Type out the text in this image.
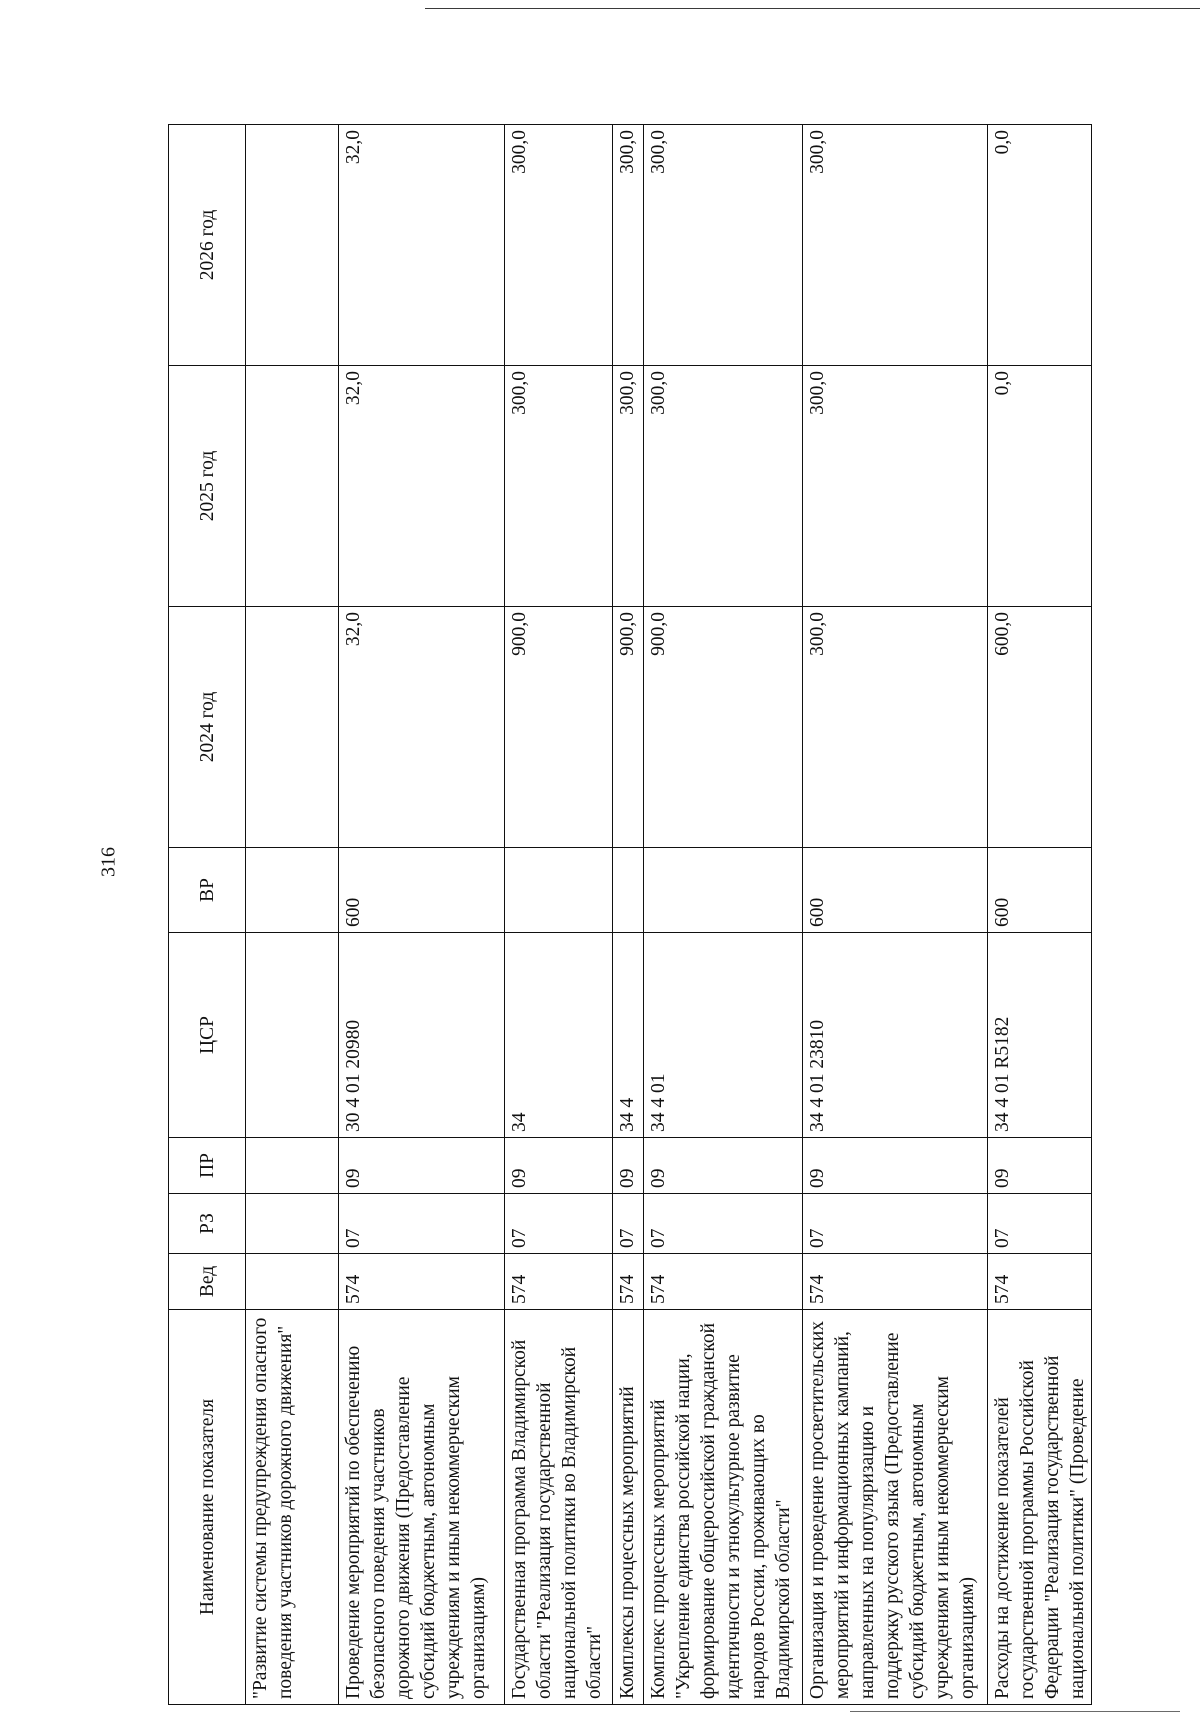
316
Наименование показателя	Вед	РЗ	ПР	ЦСР	ВР	2024 год	2025 год	2026 год
"Развитие системы предупреждения опасного поведения участников дорожного движения"								
Проведение мероприятий по обеспечению безопасного поведения участников дорожного движения (Предоставление субсидий бюджетным, автономным учреждениям и иным некоммерческим организациям)	574	07	09	30 4 01 20980	600	32,0	32,0	32,0
Государственная программа Владимирской области "Реализация государственной национальной политики во Владимирской области"	574	07	09	34		900,0	300,0	300,0
Комплексы процессных мероприятий	574	07	09	34 4		900,0	300,0	300,0
Комплекс процессных мероприятий "Укрепление единства российской нации, формирование общероссийской гражданской идентичности и этнокультурное развитие народов России, проживающих во Владимирской области"	574	07	09	34 4 01		900,0	300,0	300,0
Организация и проведение просветительских мероприятий и информационных кампаний, направленных на популяризацию и поддержку русского языка (Предоставление субсидий бюджетным, автономным учреждениям и иным некоммерческим организациям)	574	07	09	34 4 01 23810	600	300,0	300,0	300,0
Расходы на достижение показателей государственной программы Российской Федерации "Реализация государственной национальной политики" (Проведение	574	07	09	34 4 01 R5182	600	600,0	0,0	0,0
